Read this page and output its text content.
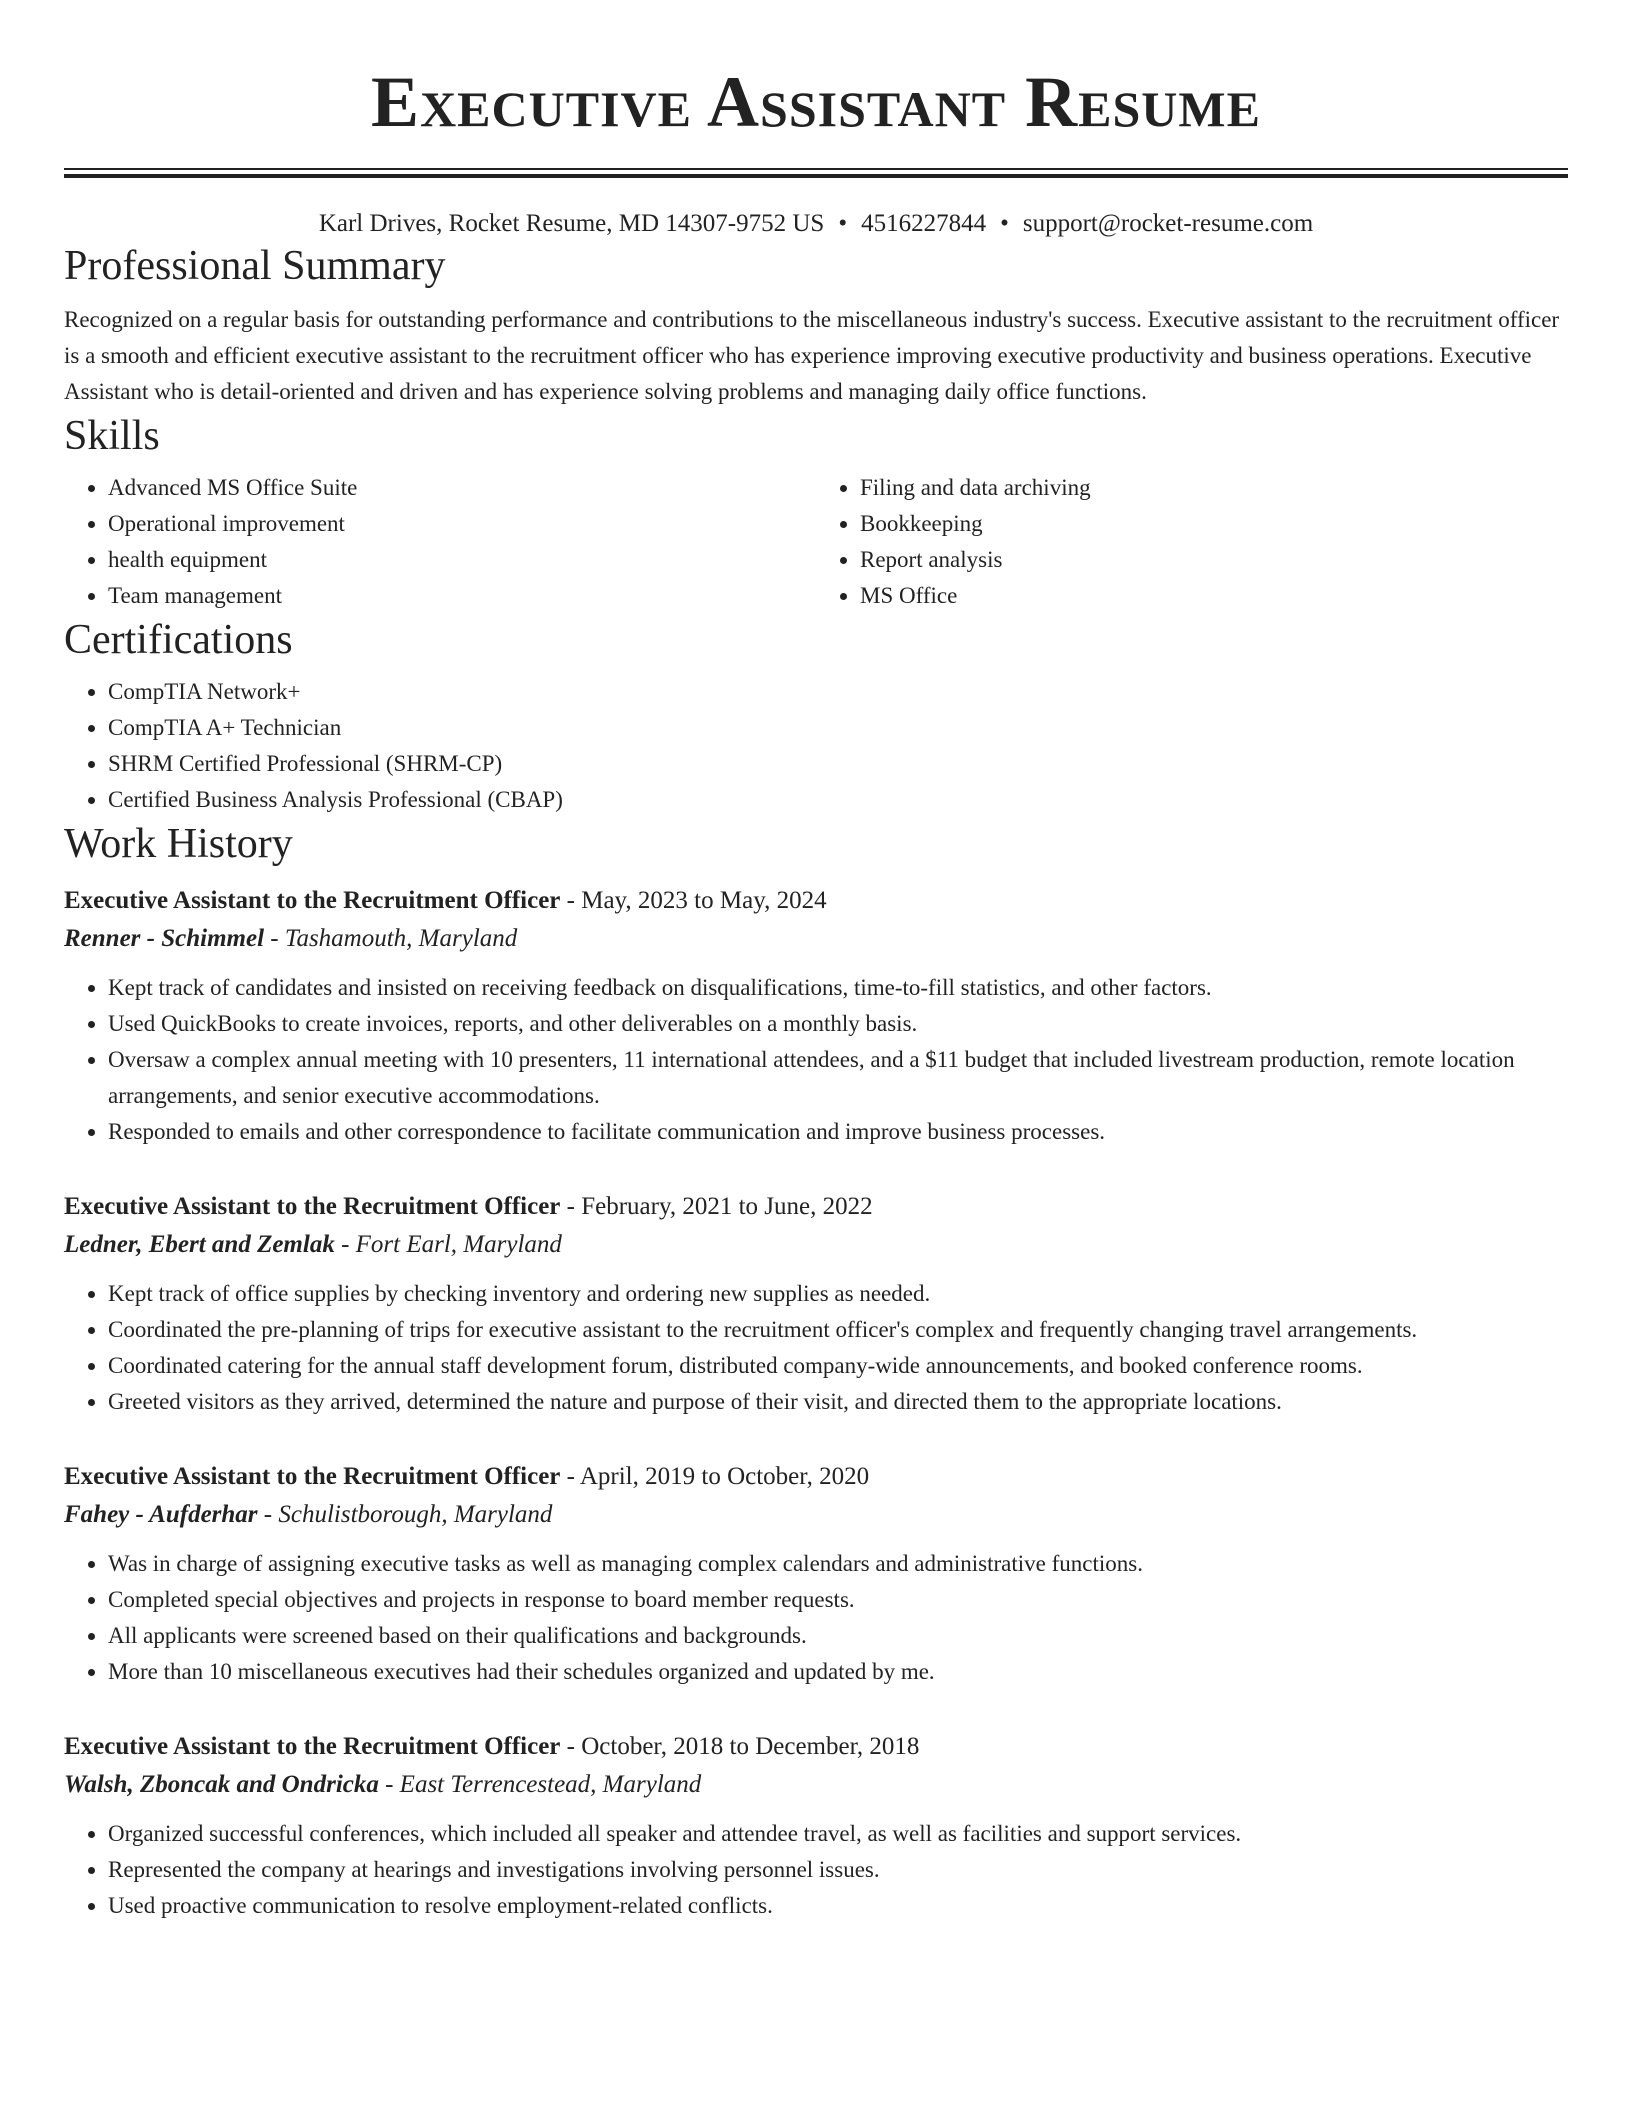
Executive Assistant Resume
Karl Drives, Rocket Resume, MD 14307-9752 US • 4516227844 • support@rocket-resume.com
Professional Summary

Recognized on a regular basis for outstanding performance and contributions to the miscellaneous industry's success. Executive assistant to the recruitment officer is a smooth and efficient executive assistant to the recruitment officer who has experience improving executive productivity and business operations. Executive Assistant who is detail-oriented and driven and has experience solving problems and managing daily office functions.

Skills
• Advanced MS Office Suite
• Operational improvement
• health equipment
• Team management
• Filing and data archiving
• Bookkeeping
• Report analysis
• MS Office
Certifications
• CompTIA Network+
• CompTIA A+ Technician
• SHRM Certified Professional (SHRM-CP)
• Certified Business Analysis Professional (CBAP)
Work History
Executive Assistant to the Recruitment Officer - May, 2023 to May, 2024
Renner - Schimmel - Tashamouth, Maryland
• Kept track of candidates and insisted on receiving feedback on disqualifications, time-to-fill statistics, and other factors.
• Used QuickBooks to create invoices, reports, and other deliverables on a monthly basis.
• Oversaw a complex annual meeting with 10 presenters, 11 international attendees, and a $11 budget that included livestream production, remote location arrangements, and senior executive accommodations.
• Responded to emails and other correspondence to facilitate communication and improve business processes.
Executive Assistant to the Recruitment Officer - February, 2021 to June, 2022
Ledner, Ebert and Zemlak - Fort Earl, Maryland
• Kept track of office supplies by checking inventory and ordering new supplies as needed.
• Coordinated the pre-planning of trips for executive assistant to the recruitment officer's complex and frequently changing travel arrangements.
• Coordinated catering for the annual staff development forum, distributed company-wide announcements, and booked conference rooms.
• Greeted visitors as they arrived, determined the nature and purpose of their visit, and directed them to the appropriate locations.
Executive Assistant to the Recruitment Officer - April, 2019 to October, 2020
Fahey - Aufderhar - Schulistborough, Maryland
• Was in charge of assigning executive tasks as well as managing complex calendars and administrative functions.
• Completed special objectives and projects in response to board member requests.
• All applicants were screened based on their qualifications and backgrounds.
• More than 10 miscellaneous executives had their schedules organized and updated by me.
Executive Assistant to the Recruitment Officer - October, 2018 to December, 2018
Walsh, Zboncak and Ondricka - East Terrencestead, Maryland
• Organized successful conferences, which included all speaker and attendee travel, as well as facilities and support services.
• Represented the company at hearings and investigations involving personnel issues.
• Used proactive communication to resolve employment-related conflicts.
